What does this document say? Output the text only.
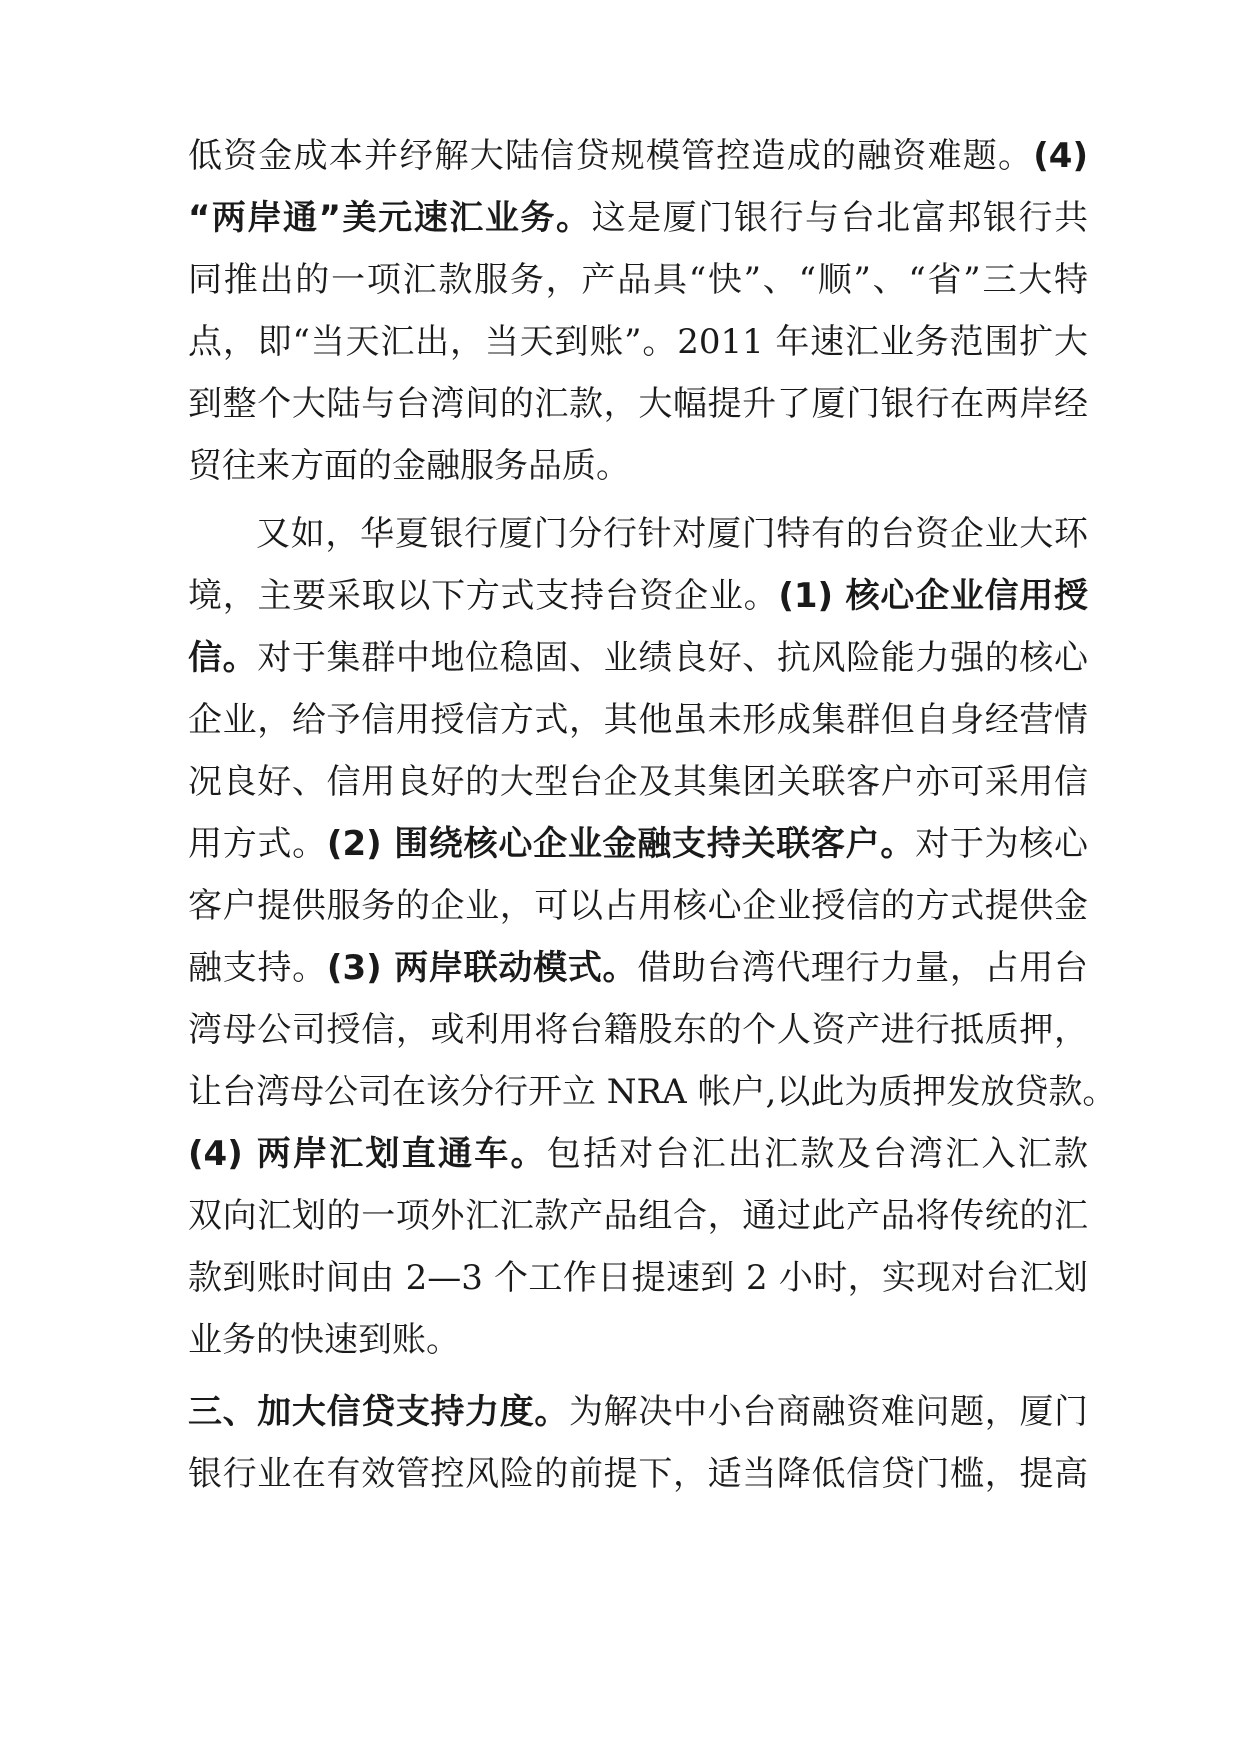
低资金成本并纾解大陆信贷规模管控造成的融资难题。(4)
“两岸通”美元速汇业务。这是厦门银行与台北富邦银行共
同推出的一项汇款服务，产品具“快”、“顺”、“省”三大特
点，即“当天汇出，当天到账”。2011 年速汇业务范围扩大
到整个大陆与台湾间的汇款，大幅提升了厦门银行在两岸经
贸往来方面的金融服务品质。
又如，华夏银行厦门分行针对厦门特有的台资企业大环
境，主要采取以下方式支持台资企业。(1) 核心企业信用授
信。对于集群中地位稳固、业绩良好、抗风险能力强的核心
企业，给予信用授信方式，其他虽未形成集群但自身经营情
况良好、信用良好的大型台企及其集团关联客户亦可采用信
用方式。(2) 围绕核心企业金融支持关联客户。对于为核心
客户提供服务的企业，可以占用核心企业授信的方式提供金
融支持。(3) 两岸联动模式。借助台湾代理行力量，占用台
湾母公司授信，或利用将台籍股东的个人资产进行抵质押，
让台湾母公司在该分行开立 NRA 帐户,以此为质押发放贷款。
(4) 两岸汇划直通车。包括对台汇出汇款及台湾汇入汇款
双向汇划的一项外汇汇款产品组合，通过此产品将传统的汇
款到账时间由 2—3 个工作日提速到 2 小时，实现对台汇划
业务的快速到账。
三、加大信贷支持力度。为解决中小台商融资难问题，厦门
银行业在有效管控风险的前提下，适当降低信贷门槛，提高
